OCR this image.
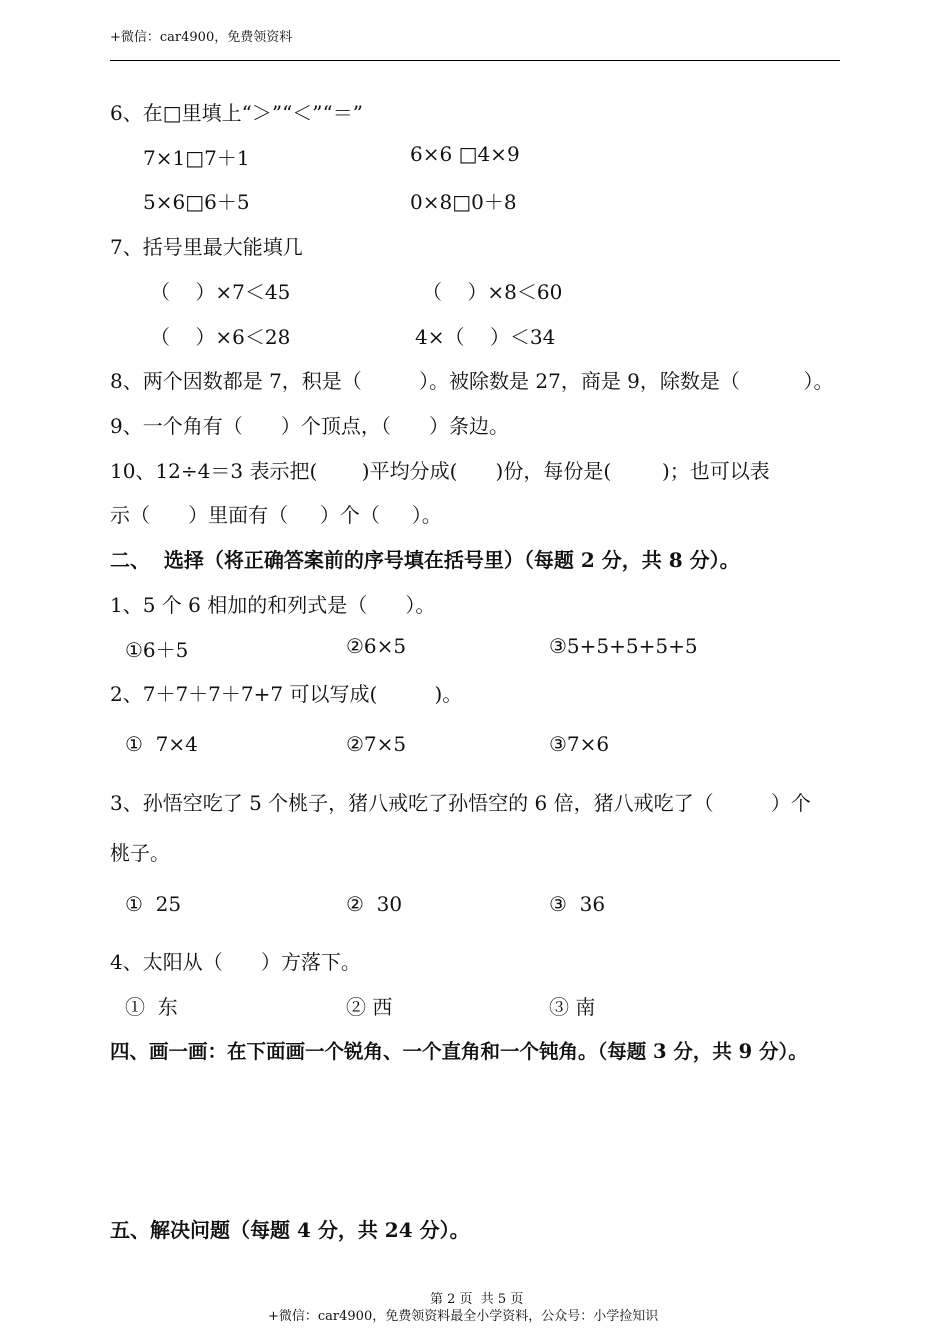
+微信：car4900，免费领资料
6、在□里填上“＞”“＜”“＝”
7×1□7＋1	6×6 □4×9
5×6□6＋5	0×8□0＋8
7、括号里最大能填几
（    ）×7＜45	（    ）×8＜60
（    ）×6＜28	4×（    ）＜34
8、两个因数都是 7，积是（         ）。被除数是 27，商是 9，除数是（          ）。
9、一个角有（      ）个顶点，（      ）条边。
10、12÷4＝3 表示把(       )平均分成(      )份，每份是(        )；也可以表
示（      ）里面有（     ）个（     ）。
二、  选择（将正确答案前的序号填在括号里）（每题 2 分，共 8 分）。
1、5 个 6 相加的和列式是（      ）。
①6＋5	②6×5	③5+5+5+5+5
2、7＋7＋7＋7+7 可以写成(         )。
①  7×4	②7×5	③7×6
3、孙悟空吃了 5 个桃子，猪八戒吃了孙悟空的 6 倍，猪八戒吃了（         ）个
桃子。
①  25	②  30	③  36
4、太阳从（      ）方落下。
①  东	② 西	③ 南
四、画一画：在下面画一个锐角、一个直角和一个钝角。（每题 3 分，共 9 分）。
五、解决问题（每题 4 分，共 24 分）。
第 2 页  共 5 页
+微信：car4900，免费领资料最全小学资料，公众号：小学捡知识
